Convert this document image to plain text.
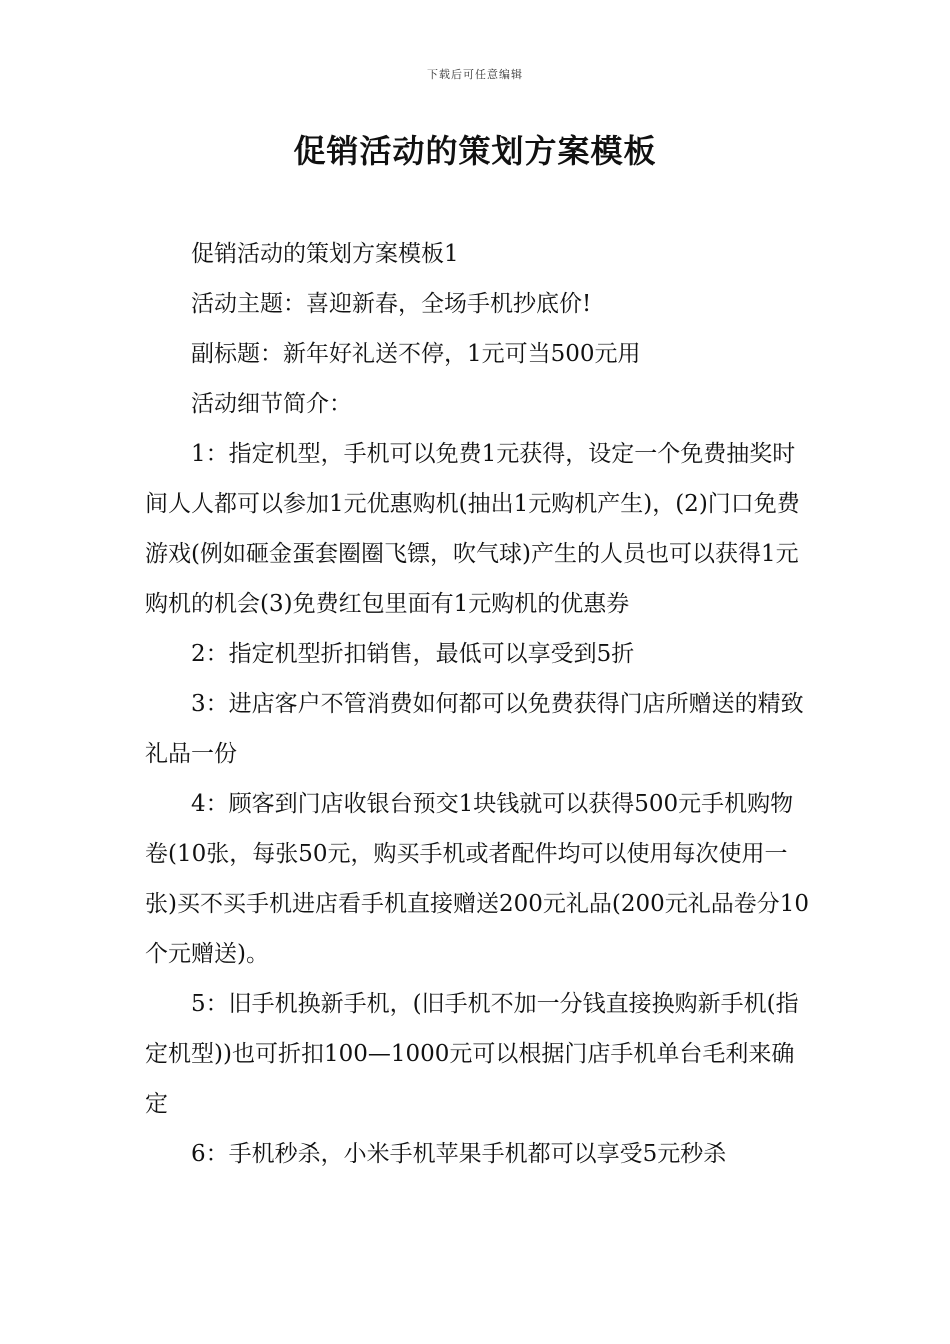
下载后可任意编辑
促销活动的策划方案模板

促销活动的策划方案模板1

活动主题：喜迎新春，全场手机抄底价!

副标题：新年好礼送不停，1元可当500元用

活动细节简介：

1：指定机型，手机可以免费1元获得，设定一个免费抽奖时间人人都可以参加1元优惠购机(抽出1元购机产生)，(2)门口免费游戏(例如砸金蛋套圈圈飞镖，吹气球)产生的人员也可以获得1元购机的机会(3)免费红包里面有1元购机的优惠券

2：指定机型折扣销售，最低可以享受到5折

3：进店客户不管消费如何都可以免费获得门店所赠送的精致礼品一份

4：顾客到门店收银台预交1块钱就可以获得500元手机购物卷(10张，每张50元，购买手机或者配件均可以使用每次使用一张)买不买手机进店看手机直接赠送200元礼品(200元礼品卷分10个元赠送)。

5：旧手机换新手机，(旧手机不加一分钱直接换购新手机(指定机型))也可折扣100—1000元可以根据门店手机单台毛利来确定

6：手机秒杀，小米手机苹果手机都可以享受5元秒杀
